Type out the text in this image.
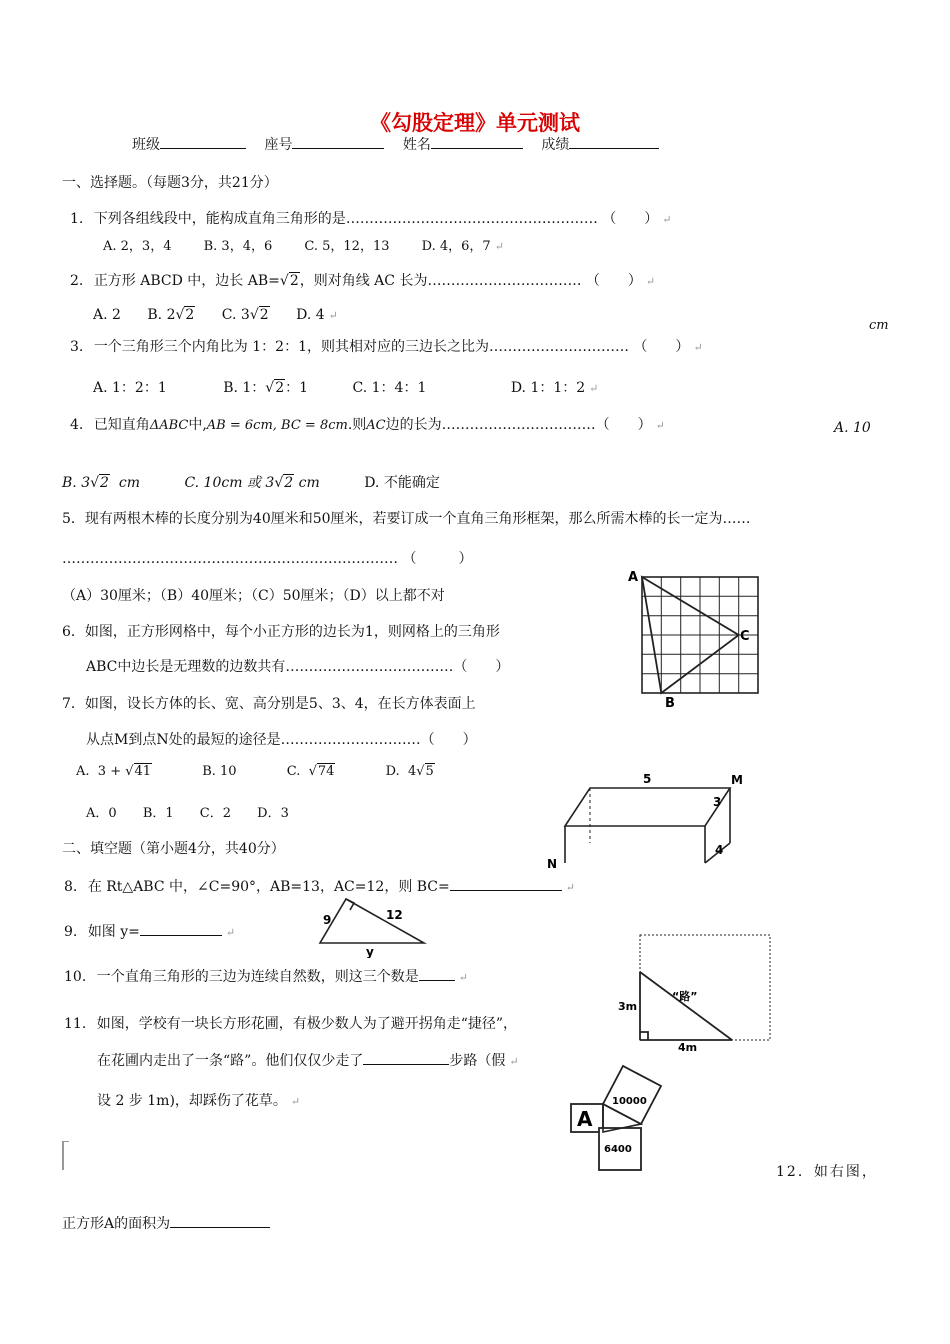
《勾股定理》单元测试
班级	座号	姓名	成绩
一、选择题。（每题3分，共21分）
1. 下列各组线段中，能构成直角三角形的是……………………………………………… （　　） ↵
A. 2，3，4 B. 3，4，6 C. 5，12，13 D. 4，6，7 ↵
2. 正方形 ABCD 中，边长 AB=√2，则对角线 AC 长为…………………………… （　　） ↵
A. 2 B. 2√2 C. 3√2 D. 4 ↵
cm
3. 一个三角形三个内角比为 1：2：1，则其相对应的三边长之比为………………………… （　　） ↵
A. 1：2：1	B. 1：√2：1	C. 1：4：1	D. 1：1：2 ↵
4. 已知直角ΔABC中,AB = 6cm, BC = 8cm.则AC边的长为……………………………（　　） ↵	A. 10
B. 3√2 cm	C. 10cm 或 3√2 cm	D. 不能确定
5．现有两根木棒的长度分别为40厘米和50厘米，若要订成一个直角三角形框架，那么所需木棒的长一定为……
……………………………………………………………… （　　　）
（A）30厘米；（B）40厘米；（C）50厘米；（D）以上都不对
6．如图，正方形网格中，每个小正方形的边长为1，则网格上的三角形
ABC中边长是无理数的边数共有………………………………（　　）
7．如图，设长方体的长、宽、高分别是5、3、4，在长方体表面上
从点M到点N处的最短的途径是…………………………（　　）
A. 3 + √41	B. 10	C.  √74	D. 4√5
A．0 B．1 C．2 D．3
二、填空题（第小题4分，共40分）
8. 在 Rt△ABC 中，∠C=90°，AB=13，AC=12，则 BC=	↵
9. 如图 y=	↵
10. 一个直角三角形的三边为连续自然数，则这三个数是	↵
11. 如图，学校有一块长方形花圃，有极少数人为了避开拐角走“捷径”，
在花圃内走出了一条“路”。他们仅仅少走了	步路（假 ↵
设 2 步 1m)，却踩伤了花草。 ↵
12．如右图，
正方形A的面积为
A
C
B
5	M
3
4
N
9	12
y
“路”
3m
4m
10000
A
6400
